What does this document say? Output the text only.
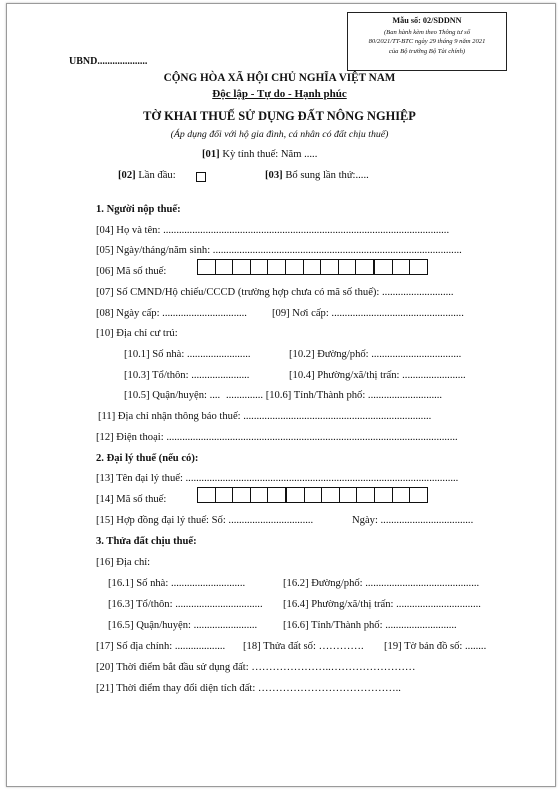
Mẫu số: 02/SDDNN
(Ban hành kèm theo Thông tư số
80/2021/TT-BTC ngày 29 tháng 9 năm 2021
của Bộ trưởng Bộ Tài chính)
UBND....................
CỘNG HÒA XÃ HỘI CHỦ NGHĨA VIỆT NAM
Độc lập - Tự do - Hạnh phúc
TỜ KHAI THUẾ SỬ DỤNG ĐẤT NÔNG NGHIỆP
(Áp dụng đối với hộ gia đình, cá nhân có đất chịu thuế)
[01] Kỳ tính thuế: Năm .....
[02] Lần đầu:	[03] Bổ sung lần thứ:.....
1. Người nộp thuế:
[04] Họ và tên: ............................................................................................................
[05] Ngày/tháng/năm sinh: ..............................................................................................
[06] Mã số thuế:
[07] Số CMND/Hộ chiếu/CCCD (trường hợp chưa có mã số thuế): ...........................
[08] Ngày cấp: ................................ [09] Nơi cấp: ..................................................
[10] Địa chỉ cư trú:
[10.1] Số nhà: ........................	[10.2] Đường/phố: ..................................
[10.3] Tổ/thôn: ......................	[10.4] Phường/xã/thị trấn: ........................
[10.5] Quận/huyện: .... .............. [10.6] Tỉnh/Thành phố: ............................
[11] Địa chỉ nhận thông báo thuế: .......................................................................
[12] Điện thoại: ..............................................................................................................
2. Đại lý thuế (nếu có):
[13] Tên đại lý thuế: .......................................................................................................
[14] Mã số thuế:
[15] Hợp đồng đại lý thuế: Số: ................................	Ngày: ...................................
3. Thửa đất chịu thuế:
[16] Địa chỉ:
[16.1] Số nhà: ............................	[16.2] Đường/phố: ...........................................
[16.3] Tổ/thôn: ................................. [16.4] Phường/xã/thị trấn: ................................
[16.5] Quận/huyện: ........................ [16.6] Tỉnh/Thành phố: ...........................
[17] Số địa chính: ................... [18] Thửa đất số: …………. [19] Tờ bản đồ số: ........
[20] Thời điểm bắt đầu sử dụng đất: …………………..……………………
[21] Thời điểm thay đổi diện tích đất: …………………………………..
